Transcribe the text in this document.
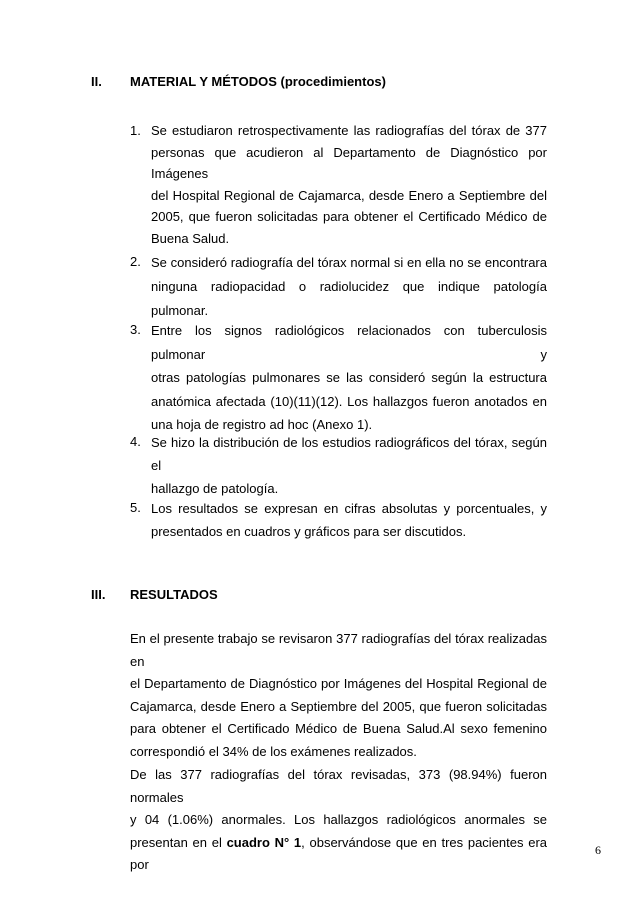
II. MATERIAL Y MÉTODOS (procedimientos)
1. Se estudiaron retrospectivamente las radiografías del tórax de 377
personas que acudieron al Departamento de Diagnóstico por Imágenes
del Hospital Regional de Cajamarca, desde Enero a Septiembre del
2005, que fueron solicitadas para obtener el Certificado Médico de
Buena Salud.
2. Se consideró radiografía del tórax normal si en ella no se encontrara
ninguna radiopacidad o radiolucidez que indique patología pulmonar.
3. Entre los signos radiológicos relacionados con tuberculosis pulmonar y
otras patologías pulmonares se las consideró según la estructura
anatómica afectada (10)(11)(12). Los hallazgos fueron anotados en
una hoja de registro ad hoc (Anexo 1).
4. Se hizo la distribución de los estudios radiográficos del tórax, según el
hallazgo de patología.
5. Los resultados se expresan en cifras absolutas y porcentuales, y
presentados en cuadros y gráficos para ser discutidos.
III. RESULTADOS
En el presente trabajo se revisaron 377 radiografías del tórax realizadas en
el Departamento de Diagnóstico por Imágenes del Hospital Regional de
Cajamarca, desde Enero a Septiembre del 2005, que fueron solicitadas
para obtener el Certificado Médico de Buena Salud.Al sexo femenino
correspondió el 34% de los exámenes realizados.
De las 377 radiografías del tórax revisadas, 373 (98.94%) fueron normales
y 04 (1.06%) anormales. Los hallazgos radiológicos anormales se
presentan en el cuadro N° 1, observándose que en tres pacientes era por
6
